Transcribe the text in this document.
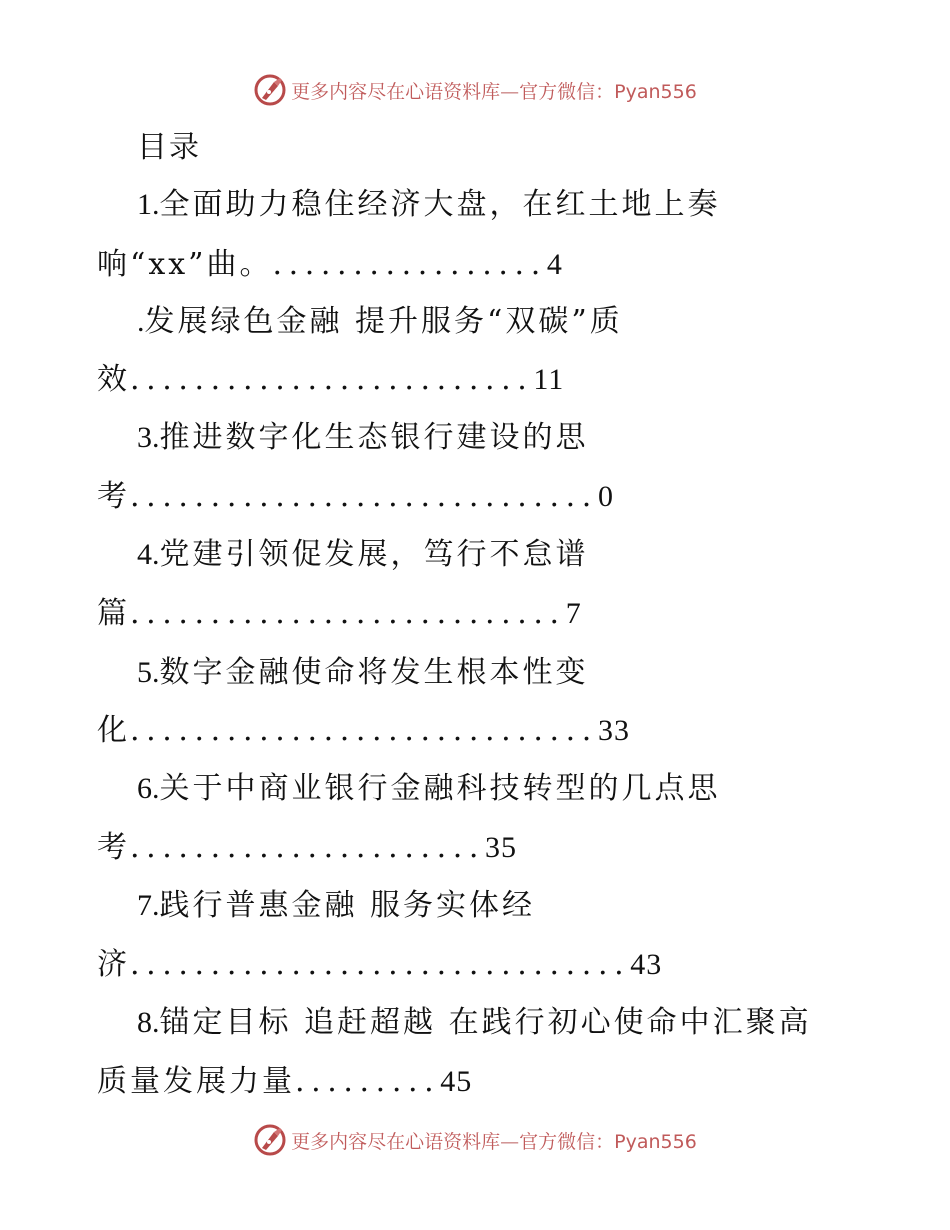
更多内容尽在心语资料库—官方微信：Pyan556
目录
1.全面助力稳住经济大盘，在红土地上奏
响“xx”曲。.................4
.发展绿色金融 提升服务“双碳”质
效.........................11
3.推进数字化生态银行建设的思
考.............................0
4.党建引领促发展，笃行不怠谱
篇...........................7
5.数字金融使命将发生根本性变
化.............................33
6.关于中商业银行金融科技转型的几点思
考......................35
7.践行普惠金融 服务实体经
济...............................43
8.锚定目标 追赶超越 在践行初心使命中汇聚高
质量发展力量.........45
更多内容尽在心语资料库—官方微信：Pyan556
